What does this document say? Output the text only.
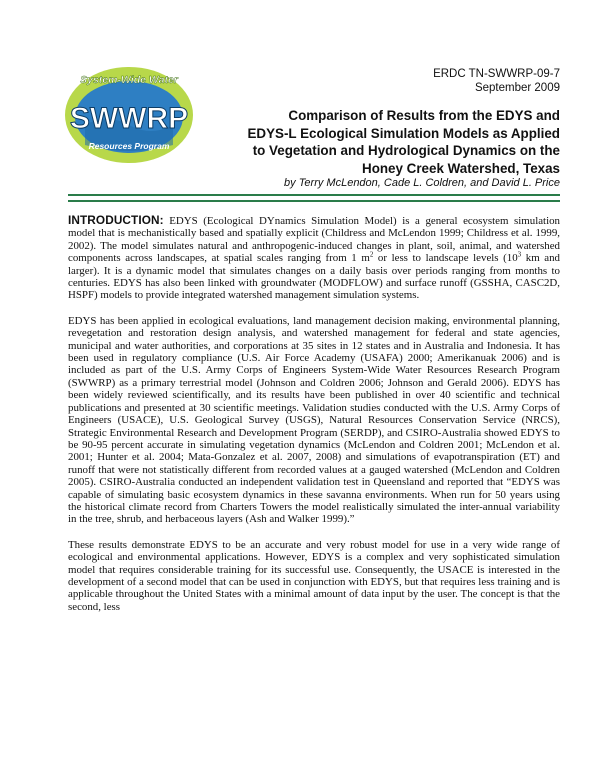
System-Wide Water
SWWRP
Resources Program
ERDC TN-SWWRP-09-7
September 2009
Comparison of Results from the EDYS and
EDYS-L Ecological Simulation Models as Applied
to Vegetation and Hydrological Dynamics on the
Honey Creek Watershed, Texas
by Terry McLendon, Cade L. Coldren, and David L. Price

INTRODUCTION: EDYS (Ecological DYnamics Simulation Model) is a general ecosystem simulation model that is mechanistically based and spatially explicit (Childress and McLendon 1999; Childress et al. 1999, 2002). The model simulates natural and anthropogenic-induced changes in plant, soil, animal, and watershed components across landscapes, at spatial scales ranging from 1 $m^2$ or less to landscape levels ($10^3$ km and larger). It is a dynamic model that simulates changes on a daily basis over periods ranging from months to centuries. EDYS has also been linked with groundwater (MODFLOW) and surface runoff (GSSHA, CASC2D, HSPF) models to provide integrated watershed management simulation systems.

EDYS has been applied in ecological evaluations, land management decision making, environmental planning, revegetation and restoration design analysis, and watershed management for federal and state agencies, municipal and water authorities, and corporations at 35 sites in 12 states and in Australia and Indonesia. It has been used in regulatory compliance (U.S. Air Force Academy (USAFA) 2000; Amerikanuak 2006) and is included as part of the U.S. Army Corps of Engineers System-Wide Water Resources Research Program (SWWRP) as a primary terrestrial model (Johnson and Coldren 2006; Johnson and Gerald 2006). EDYS has been widely reviewed scientifically, and its results have been published in over 40 scientific and technical publications and presented at 30 scientific meetings. Validation studies conducted with the U.S. Army Corps of Engineers (USACE), U.S. Geological Survey (USGS), Natural Resources Conservation Service (NRCS), Strategic Environmental Research and Development Program (SERDP), and CSIRO-Australia showed EDYS to be 90-95 percent accurate in simulating vegetation dynamics (McLendon and Coldren 2001; McLendon et al. 2001; Hunter et al. 2004; Mata-Gonzalez et al. 2007, 2008) and simulations of evapotranspiration (ET) and runoff that were not statistically different from recorded values at a gauged watershed (McLendon and Coldren 2005). CSIRO-Australia conducted an independent validation test in Queensland and reported that “EDYS was capable of simulating basic ecosystem dynamics in these savanna environments. When run for 50 years using the historical climate record from Charters Towers the model realistically simulated the inter-annual variability in the tree, shrub, and herbaceous layers (Ash and Walker 1999).”

These results demonstrate EDYS to be an accurate and very robust model for use in a very wide range of ecological and environmental applications. However, EDYS is a complex and very sophisticated simulation model that requires considerable training for its successful use. Consequently, the USACE is interested in the development of a second model that can be used in conjunction with EDYS, but that requires less training and is applicable throughout the United States with a minimal amount of data input by the user. The concept is that the second, less
